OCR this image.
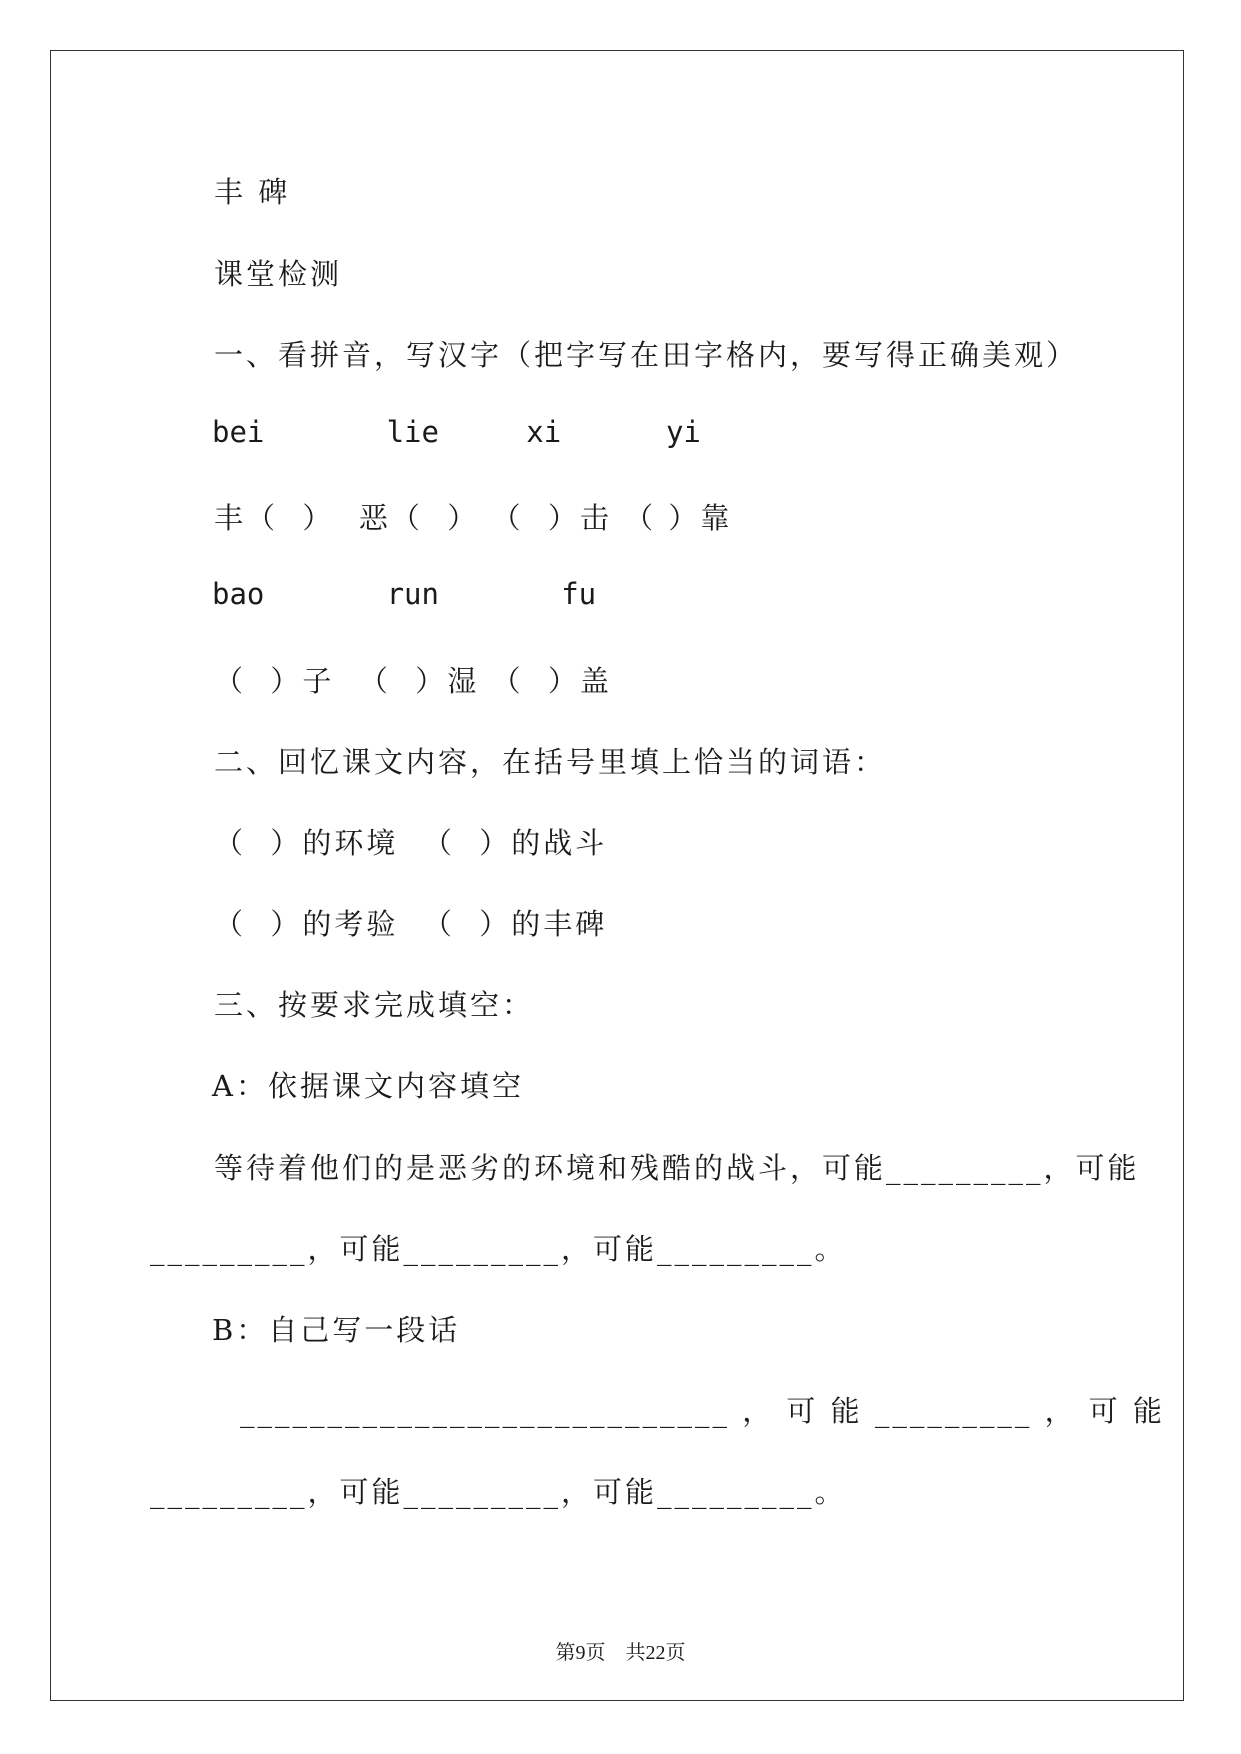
丰 碑
课堂检测
一、看拼音，写汉字（把字写在田字格内，要写得正确美观）
bei       lie     xi      yi
丰（  ）  恶（  ） （  ）击 （ ）靠
bao       run       fu
（  ）子  （  ）湿 （  ）盖
二、回忆课文内容，在括号里填上恰当的词语：
（  ）的环境  （  ）的战斗
（  ）的考验  （  ）的丰碑
三、按要求完成填空：
A：依据课文内容填空
等待着他们的是恶劣的环境和残酷的战斗，可能_________，可能
_________，可能_________，可能_________。
B：自己写一段话
____________________________ ， 可 能 _________ ， 可 能
_________，可能_________，可能_________。
第9页　共22页
